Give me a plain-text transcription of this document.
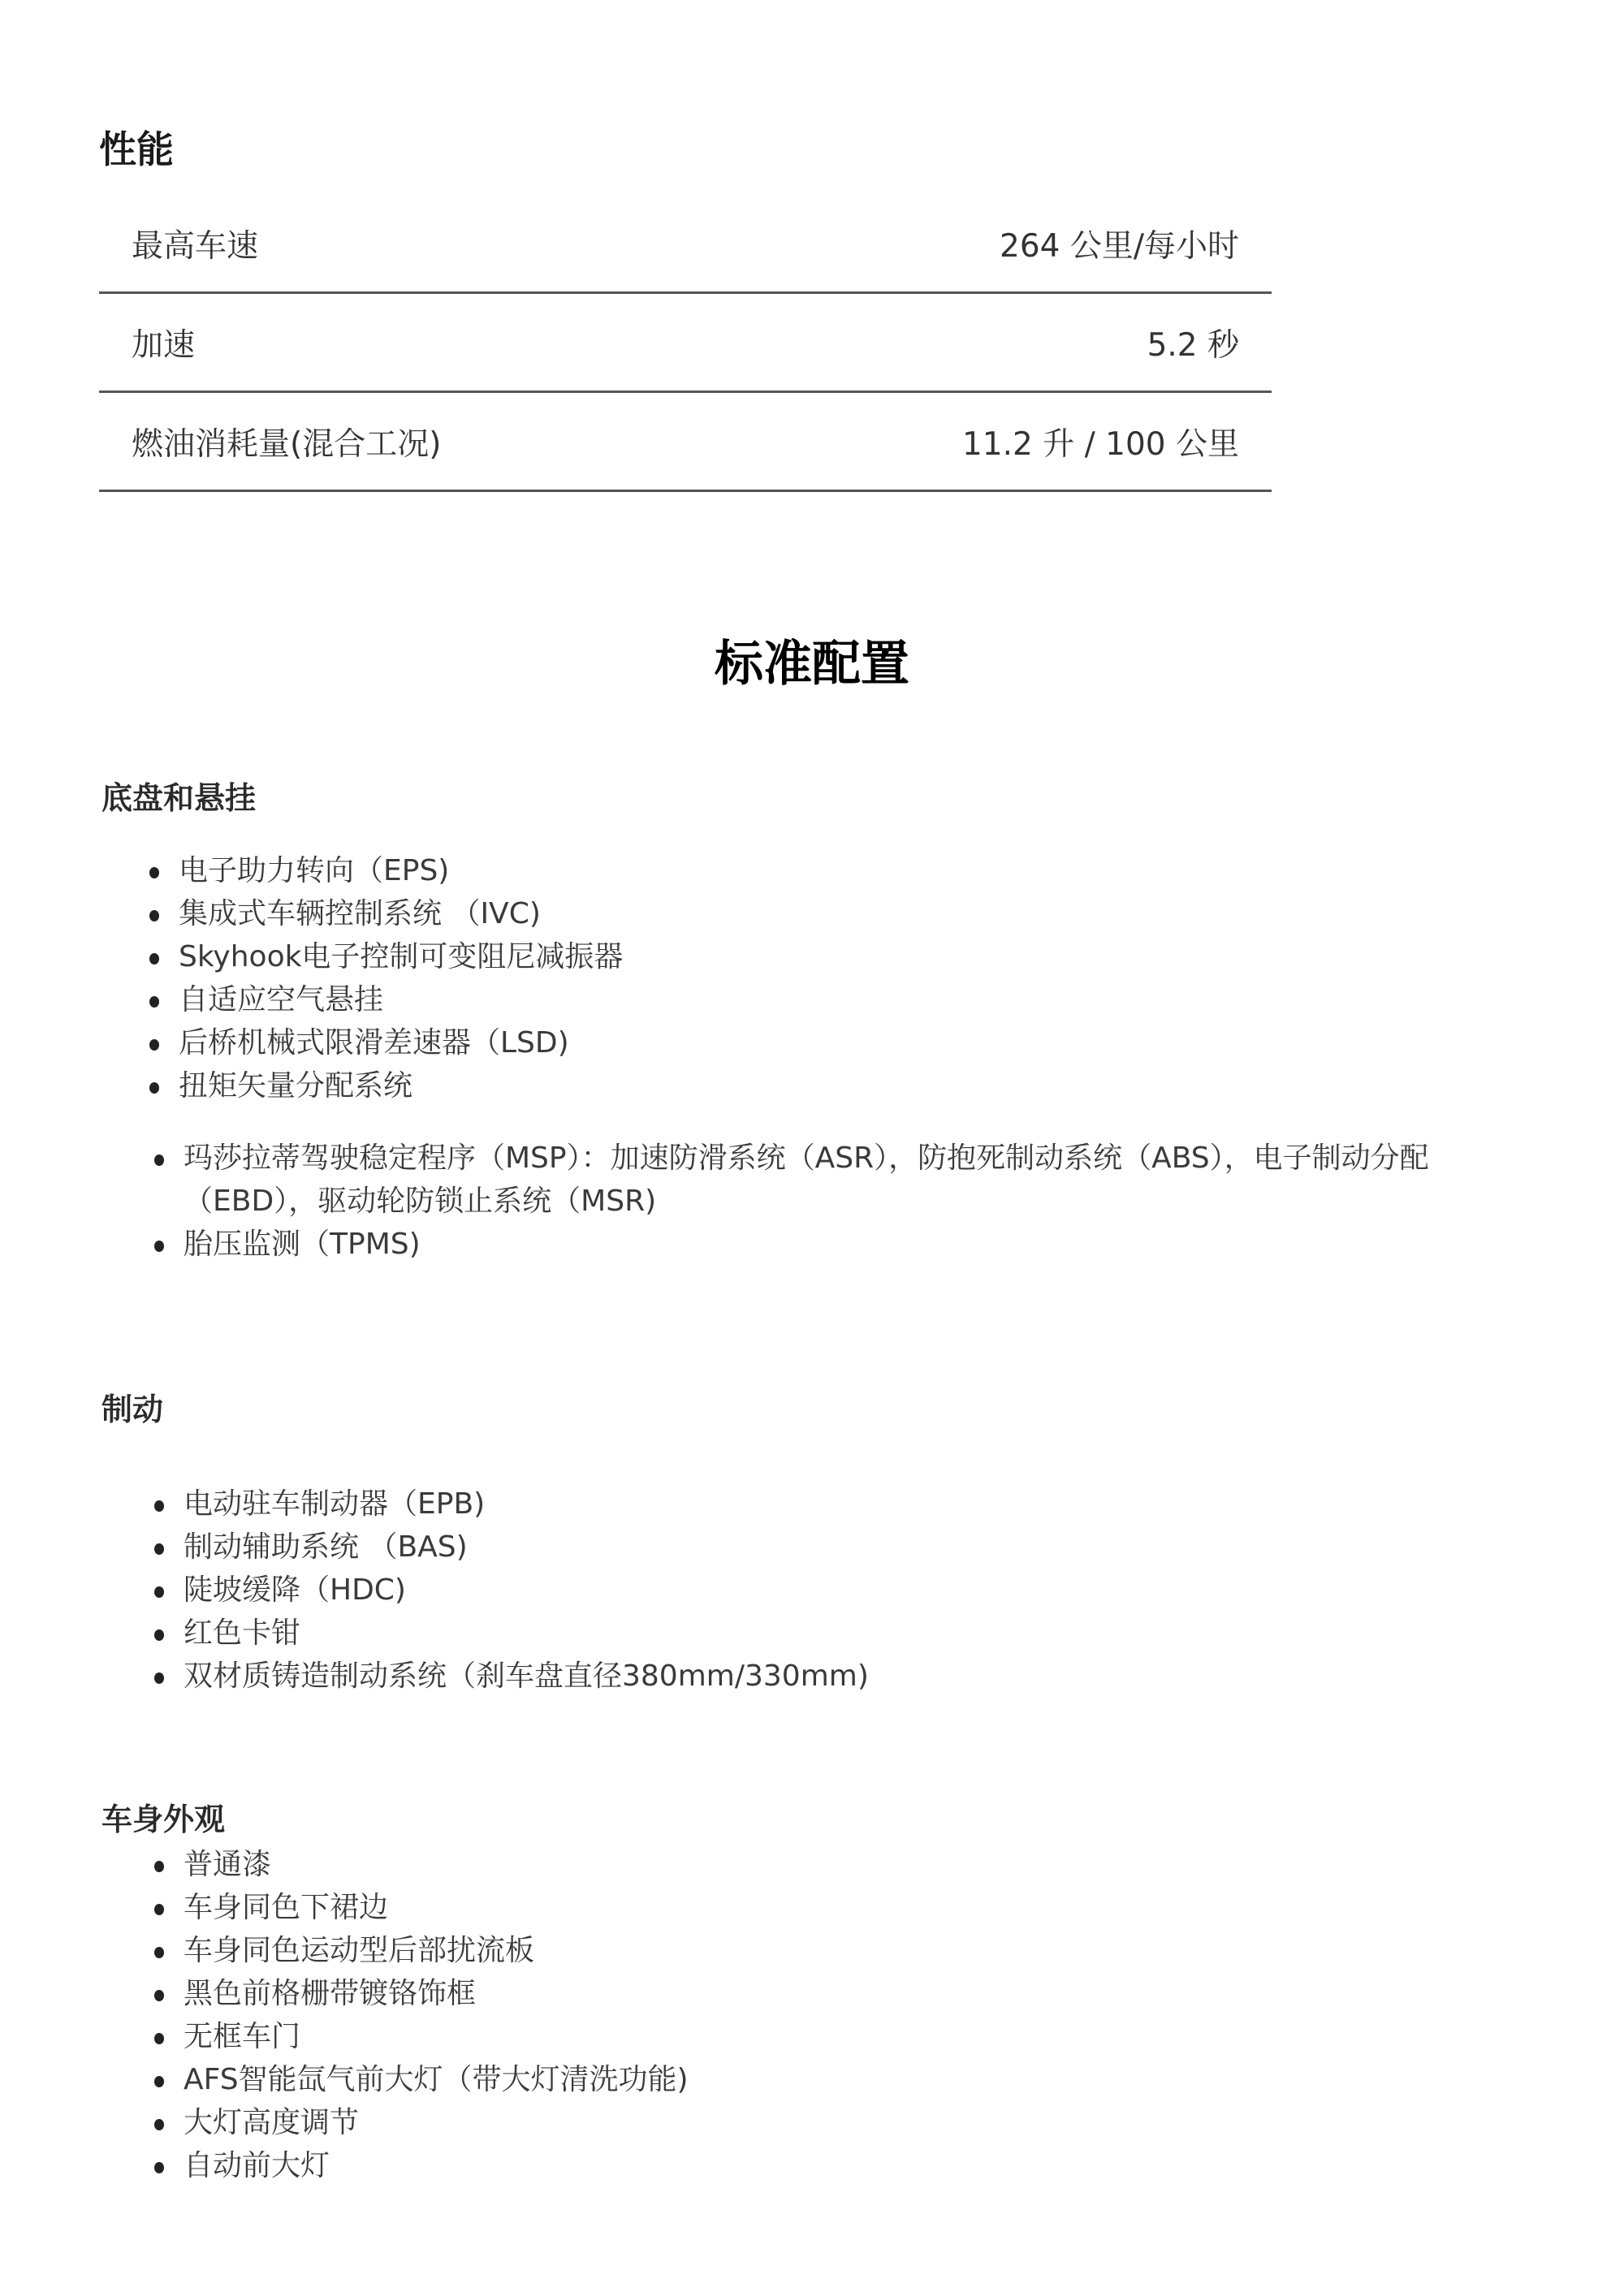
性能
最高车速	264 公里/每小时
加速	5.2 秒
燃油消耗量(混合工况)	11.2 升 / 100 公里
标准配置
底盘和悬挂
电子助力转向（EPS)
集成式车辆控制系统 （IVC)
Skyhook电子控制可变阻尼减振器
自适应空气悬挂
后桥机械式限滑差速器（LSD)
扭矩矢量分配系统
玛莎拉蒂驾驶稳定程序（MSP）：加速防滑系统（ASR），防抱死制动系统（ABS），电子制动分配（EBD），驱动轮防锁止系统（MSR)
胎压监测（TPMS)
制动
电动驻车制动器（EPB)
制动辅助系统 （BAS)
陡坡缓降（HDC)
红色卡钳
双材质铸造制动系统（刹车盘直径380mm/330mm)
车身外观
普通漆
车身同色下裙边
车身同色运动型后部扰流板
黑色前格栅带镀铬饰框
无框车门
AFS智能氙气前大灯（带大灯清洗功能)
大灯高度调节
自动前大灯
